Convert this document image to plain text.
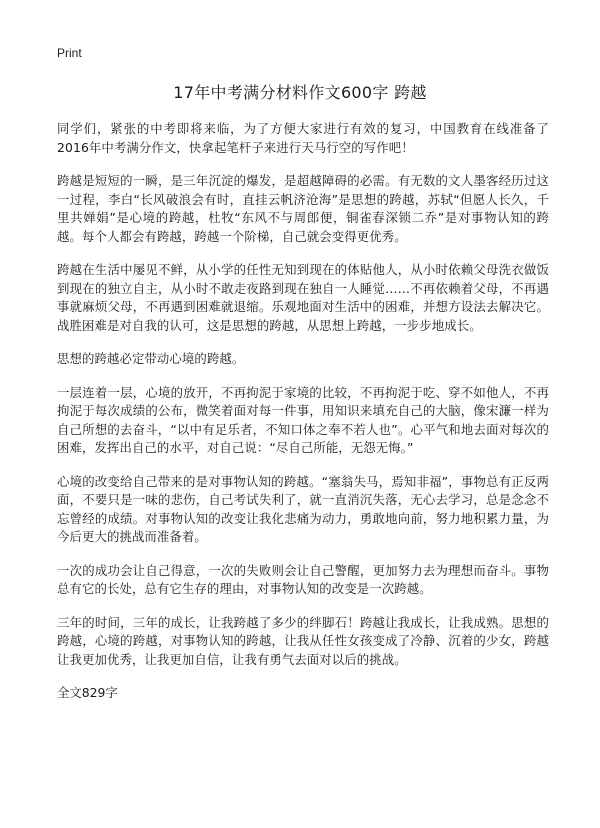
Print
17年中考满分材料作文600字 跨越

同学们，紧张的中考即将来临，为了方便大家进行有效的复习，中国教育在线准备了2016年中考满分作文，快拿起笔杆子来进行天马行空的写作吧！

跨越是短短的一瞬，是三年沉淀的爆发，是超越障碍的必需。有无数的文人墨客经历过这一过程，李白“长风破浪会有时，直挂云帆济沧海”是思想的跨越，苏轼“但愿人长久，千里共婵娟”是心境的跨越，杜牧“东风不与周郎便，铜雀春深锁二乔”是对事物认知的跨越。每个人都会有跨越，跨越一个阶梯，自己就会变得更优秀。

跨越在生活中屡见不鲜，从小学的任性无知到现在的体贴他人，从小时依赖父母洗衣做饭到现在的独立自主，从小时不敢走夜路到现在独自一人睡觉……不再依赖着父母，不再遇事就麻烦父母，不再遇到困难就退缩。乐观地面对生活中的困难，并想方设法去解决它。战胜困难是对自我的认可，这是思想的跨越，从思想上跨越，一步步地成长。

思想的跨越必定带动心境的跨越。

一层连着一层，心境的放开，不再拘泥于家境的比较，不再拘泥于吃、穿不如他人，不再拘泥于每次成绩的公布，微笑着面对每一件事，用知识来填充自己的大脑，像宋濂一样为自己所想的去奋斗，“以中有足乐者，不知口体之奉不若人也”。心平气和地去面对每次的困难，发挥出自己的水平，对自己说：“尽自己所能，无怨无悔。”

心境的改变给自己带来的是对事物认知的跨越。“塞翁失马，焉知非福”，事物总有正反两面，不要只是一味的悲伤，自己考试失利了，就一直消沉失落，无心去学习，总是念念不忘曾经的成绩。对事物认知的改变让我化悲痛为动力，勇敢地向前，努力地积累力量，为今后更大的挑战而准备着。

一次的成功会让自己得意，一次的失败则会让自己警醒，更加努力去为理想而奋斗。事物总有它的长处，总有它生存的理由，对事物认知的改变是一次跨越。

三年的时间，三年的成长，让我跨越了多少的绊脚石！跨越让我成长，让我成熟。思想的跨越，心境的跨越，对事物认知的跨越，让我从任性女孩变成了冷静、沉着的少女，跨越让我更加优秀，让我更加自信，让我有勇气去面对以后的挑战。

全文829字
